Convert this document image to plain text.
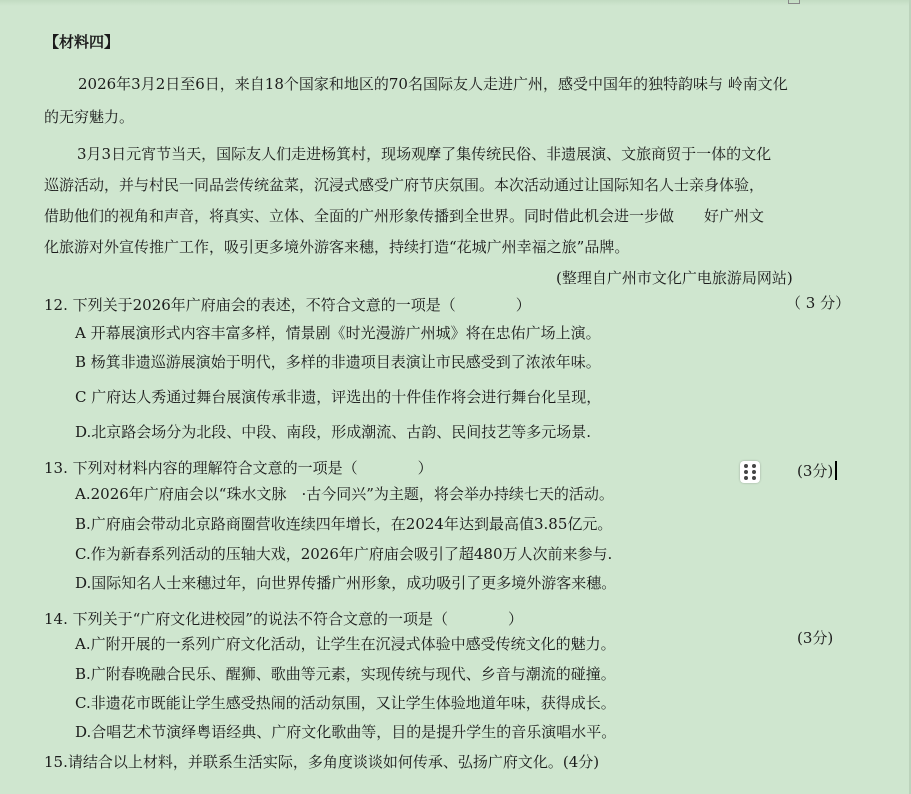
【材料四】
2026年3月2日至6日，来自18个国家和地区的70名国际友人走进广州，感受中国年的独特韵味与 岭南文化
的无穷魅力。
3月3日元宵节当天，国际友人们走进杨箕村，现场观摩了集传统民俗、非遗展演、文旅商贸于一体的文化
巡游活动，并与村民一同品尝传统盆菜，沉浸式感受广府节庆氛围。本次活动通过让国际知名人士亲身体验，
借助他们的视角和声音，将真实、立体、全面的广州形象传播到全世界。同时借此机会进一步做　　好广州文
化旅游对外宣传推广工作，吸引更多境外游客来穗，持续打造“花城广州幸福之旅”品牌。
(整理自广州市文化广电旅游局网站)
12. 下列关于2026年广府庙会的表述，不符合文意的一项是（　　　　）	（ 3 分）
A 开幕展演形式内容丰富多样，情景剧《时光漫游广州城》将在忠佑广场上演。
B 杨箕非遗巡游展演始于明代，多样的非遗项目表演让市民感受到了浓浓年味。
C 广府达人秀通过舞台展演传承非遗，评选出的十件佳作将会进行舞台化呈现，
D.北京路会场分为北段、中段、南段，形成潮流、古韵、民间技艺等多元场景.
13. 下列对材料内容的理解符合文意的一项是（　　　　）	(3分)
A.2026年广府庙会以“珠水文脉　·古今同兴”为主题，将会举办持续七天的活动。
B.广府庙会带动北京路商圈营收连续四年增长，在2024年达到最高值3.85亿元。
C.作为新春系列活动的压轴大戏，2026年广府庙会吸引了超480万人次前来参与.
D.国际知名人士来穗过年，向世界传播广州形象，成功吸引了更多境外游客来穗。
14. 下列关于“广府文化进校园”的说法不符合文意的一项是（　　　　）
(3分)
A.广附开展的一系列广府文化活动，让学生在沉浸式体验中感受传统文化的魅力。
B.广附春晚融合民乐、醒狮、歌曲等元素，实现传统与现代、乡音与潮流的碰撞。
C.非遗花市既能让学生感受热闹的活动氛围，又让学生体验地道年味，获得成长。
D.合唱艺术节演绎粤语经典、广府文化歌曲等，目的是提升学生的音乐演唱水平。
15.请结合以上材料，并联系生活实际，多角度谈谈如何传承、弘扬广府文化。(4分)
